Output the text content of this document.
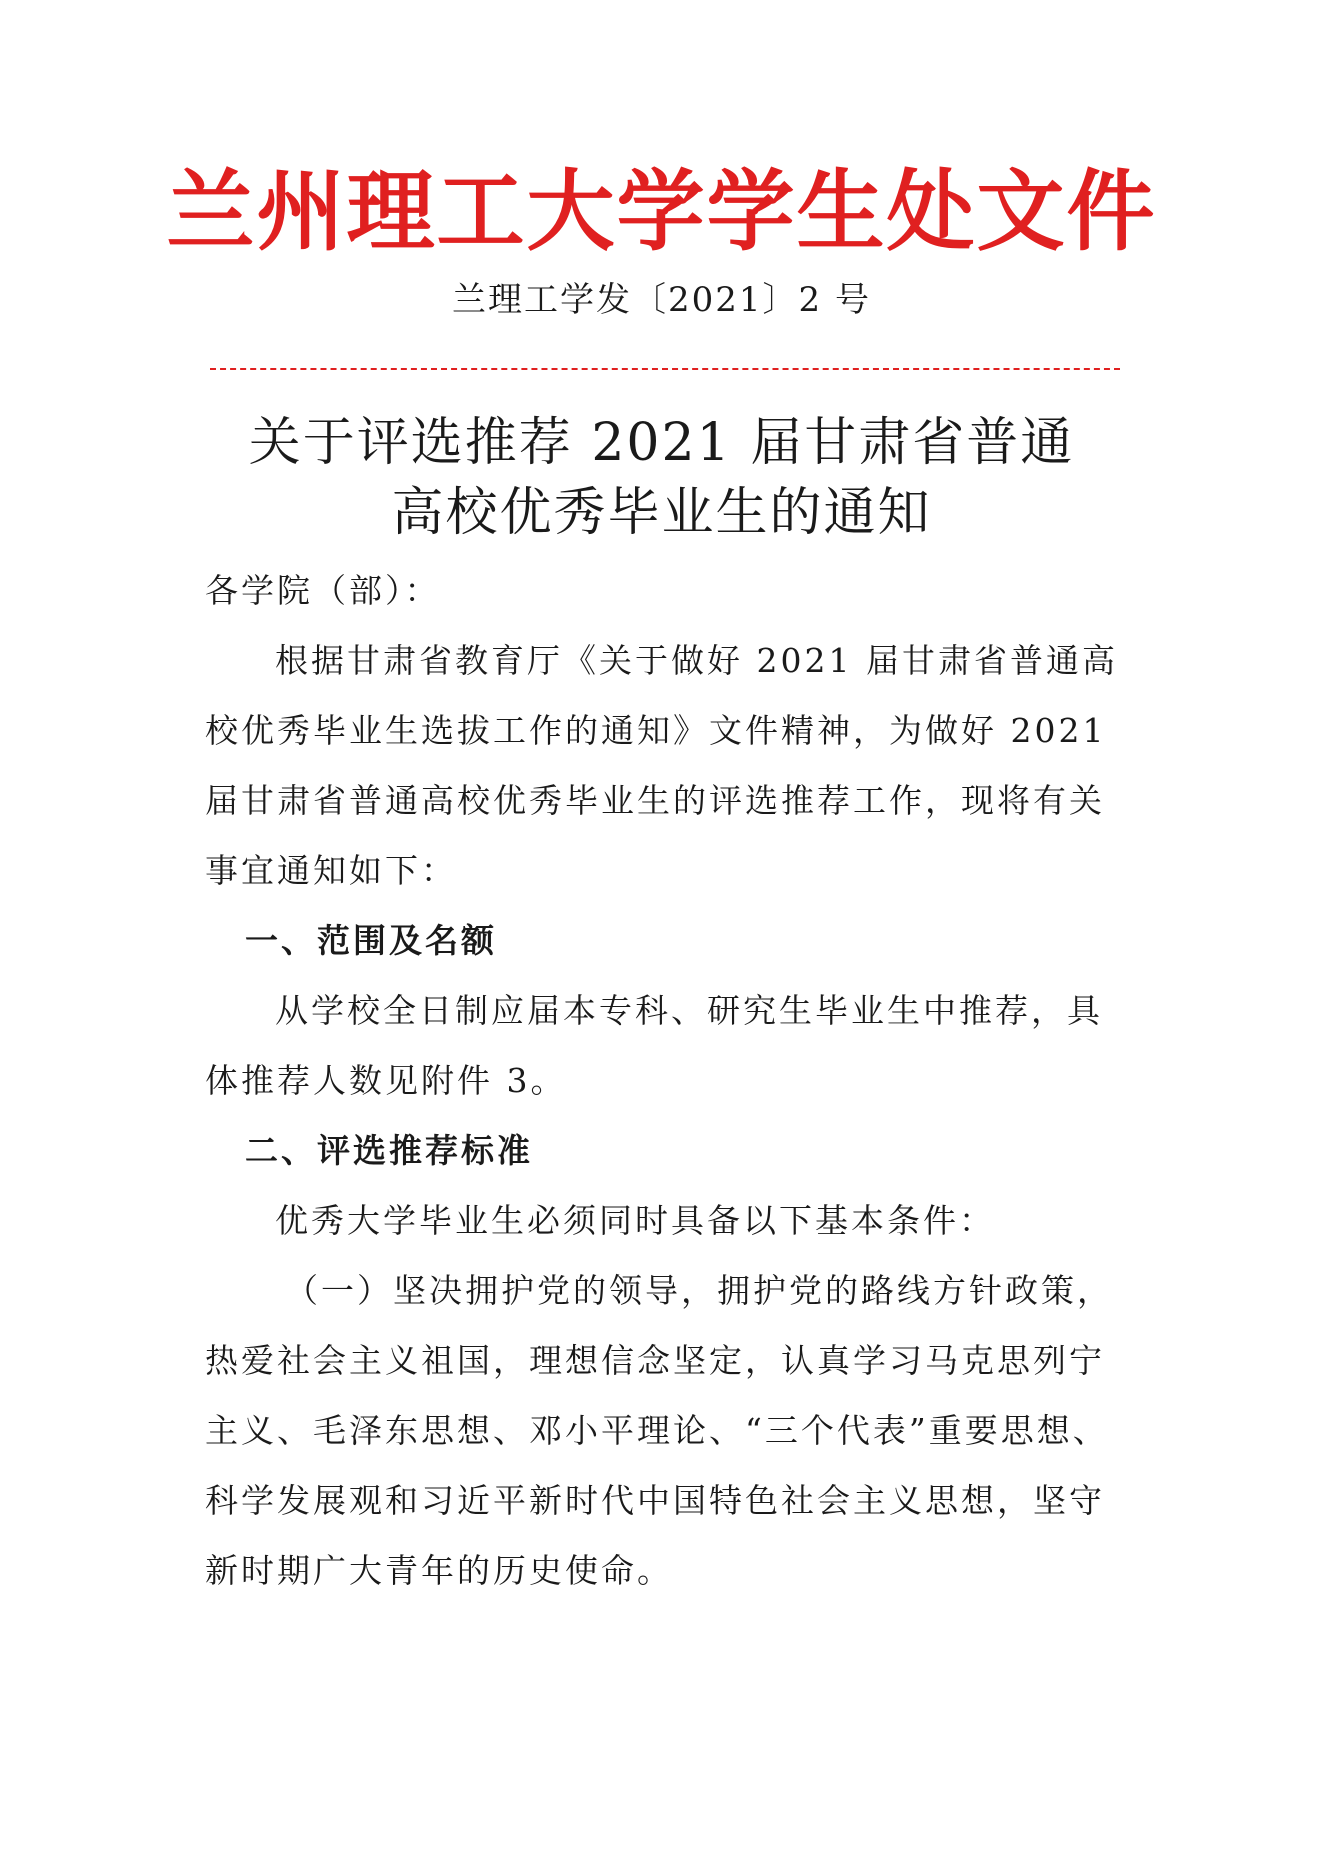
兰州理工大学学生处文件
兰理工学发〔2021〕2 号
关于评选推荐 2021 届甘肃省普通
高校优秀毕业生的通知

各学院（部）：

根据甘肃省教育厅《关于做好 2021 届甘肃省普通高校优秀毕业生选拔工作的通知》文件精神，为做好 2021 届甘肃省普通高校优秀毕业生的评选推荐工作，现将有关事宜通知如下：

一、范围及名额

从学校全日制应届本专科、研究生毕业生中推荐，具体推荐人数见附件 3。

二、评选推荐标准

优秀大学毕业生必须同时具备以下基本条件：

（一）坚决拥护党的领导，拥护党的路线方针政策，热爱社会主义祖国，理想信念坚定，认真学习马克思列宁主义、毛泽东思想、邓小平理论、“三个代表”重要思想、科学发展观和习近平新时代中国特色社会主义思想，坚守新时期广大青年的历史使命。
